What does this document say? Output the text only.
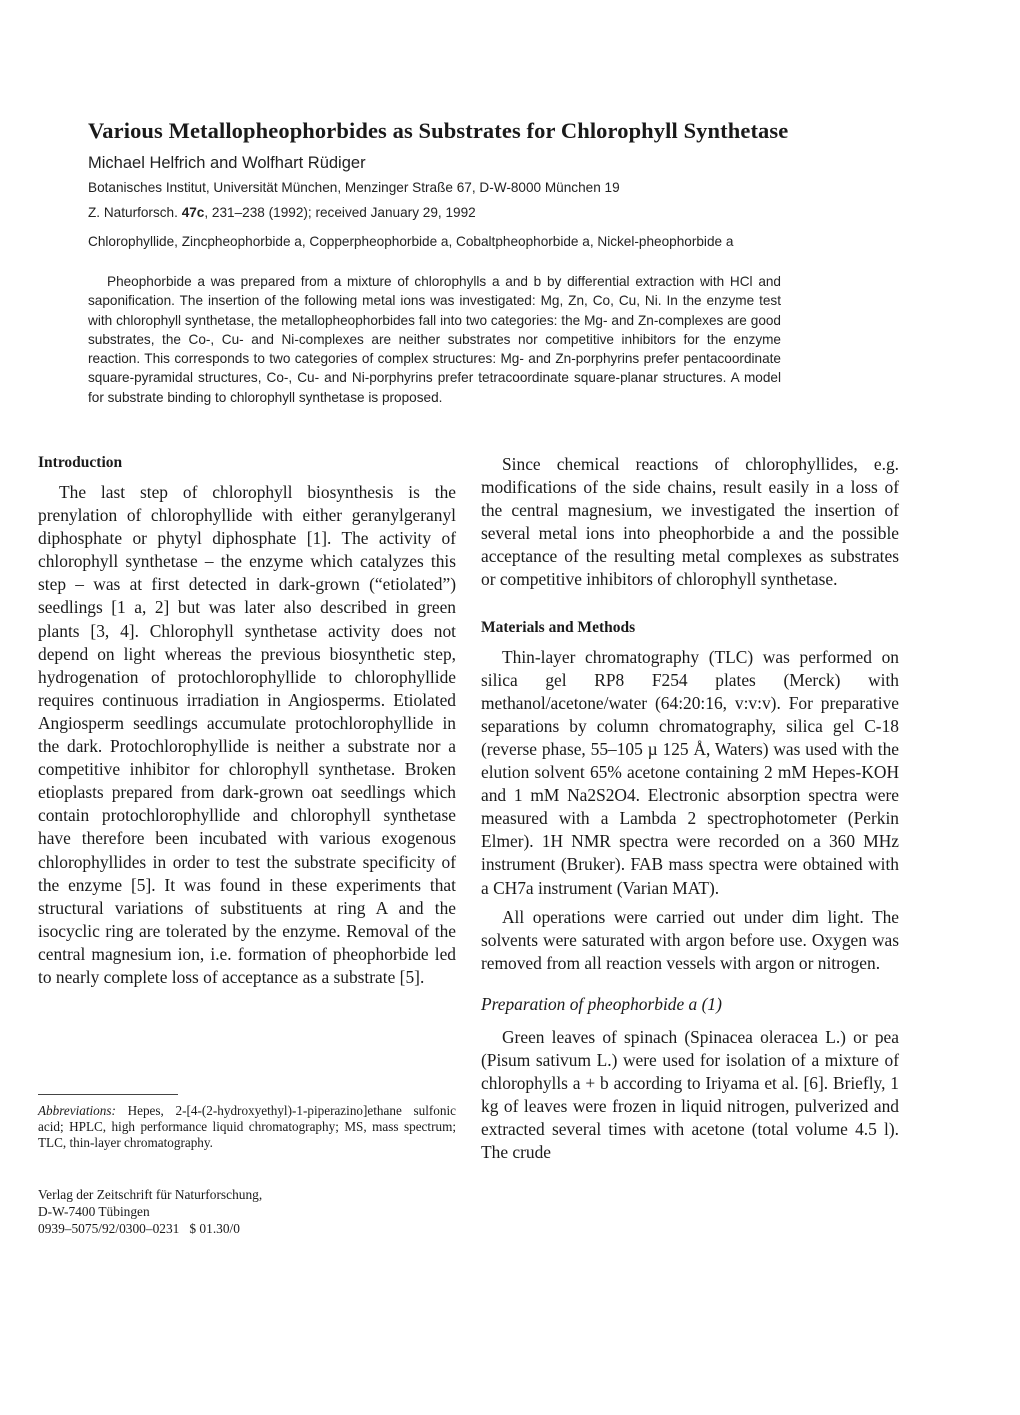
Various Metallopheophorbides as Substrates for Chlorophyll Synthetase
Michael Helfrich and Wolfhart Rüdiger
Botanisches Institut, Universität München, Menzinger Straße 67, D-W-8000 München 19
Z. Naturforsch. 47c, 231–238 (1992); received January 29, 1992
Chlorophyllide, Zincpheophorbide a, Copperpheophorbide a, Cobaltpheophorbide a, Nickel-pheophorbide a
Pheophorbide a was prepared from a mixture of chlorophylls a and b by differential extraction with HCl and saponification. The insertion of the following metal ions was investigated: Mg, Zn, Co, Cu, Ni. In the enzyme test with chlorophyll synthetase, the metallopheophorbides fall into two categories: the Mg- and Zn-complexes are good substrates, the Co-, Cu- and Ni-complexes are neither substrates nor competitive inhibitors for the enzyme reaction. This corresponds to two categories of complex structures: Mg- and Zn-porphyrins prefer pentacoordinate square-pyramidal structures, Co-, Cu- and Ni-porphyrins prefer tetracoordinate square-planar structures. A model for substrate binding to chlorophyll synthetase is proposed.
Introduction

The last step of chlorophyll biosynthesis is the prenylation of chlorophyllide with either geranylgeranyl diphosphate or phytyl diphosphate [1]. The activity of chlorophyll synthetase – the enzyme which catalyzes this step – was at first detected in dark-grown (“etiolated”) seedlings [1 a, 2] but was later also described in green plants [3, 4]. Chlorophyll synthetase activity does not depend on light whereas the previous biosynthetic step, hydrogenation of protochlorophyllide to chlorophyllide requires continuous irradiation in Angiosperms. Etiolated Angiosperm seedlings accumulate protochlorophyllide in the dark. Protochlorophyllide is neither a substrate nor a competitive inhibitor for chlorophyll synthetase. Broken etioplasts prepared from dark-grown oat seedlings which contain protochlorophyllide and chlorophyll synthetase have therefore been incubated with various exogenous chlorophyllides in order to test the substrate specificity of the enzyme [5]. It was found in these experiments that structural variations of substituents at ring A and the isocyclic ring are tolerated by the enzyme. Removal of the central magnesium ion, i.e. formation of pheophorbide led to nearly complete loss of acceptance as a substrate [5].

Abbreviations: Hepes, 2-[4-(2-hydroxyethyl)-1-piperazino]ethane sulfonic acid; HPLC, high performance liquid chromatography; MS, mass spectrum; TLC, thin-layer chromatography.
Verlag der Zeitschrift für Naturforschung,
D-W-7400 Tübingen
0939–5075/92/0300–0231   $ 01.30/0

Since chemical reactions of chlorophyllides, e.g. modifications of the side chains, result easily in a loss of the central magnesium, we investigated the insertion of several metal ions into pheophorbide a and the possible acceptance of the resulting metal complexes as substrates or competitive inhibitors of chlorophyll synthetase.

Materials and Methods

Thin-layer chromatography (TLC) was performed on silica gel RP8 F254 plates (Merck) with methanol/acetone/water (64:20:16, v:v:v). For preparative separations by column chromatography, silica gel C-18 (reverse phase, 55–105 µ 125 Å, Waters) was used with the elution solvent 65% acetone containing 2 mM Hepes-KOH and 1 mM Na2S2O4. Electronic absorption spectra were measured with a Lambda 2 spectrophotometer (Perkin Elmer). 1H NMR spectra were recorded on a 360 MHz instrument (Bruker). FAB mass spectra were obtained with a CH7a instrument (Varian MAT).

All operations were carried out under dim light. The solvents were saturated with argon before use. Oxygen was removed from all reaction vessels with argon or nitrogen.

Preparation of pheophorbide a (1)

Green leaves of spinach (Spinacea oleracea L.) or pea (Pisum sativum L.) were used for isolation of a mixture of chlorophylls a + b according to Iriyama et al. [6]. Briefly, 1 kg of leaves were frozen in liquid nitrogen, pulverized and extracted several times with acetone (total volume 4.5 l). The crude
